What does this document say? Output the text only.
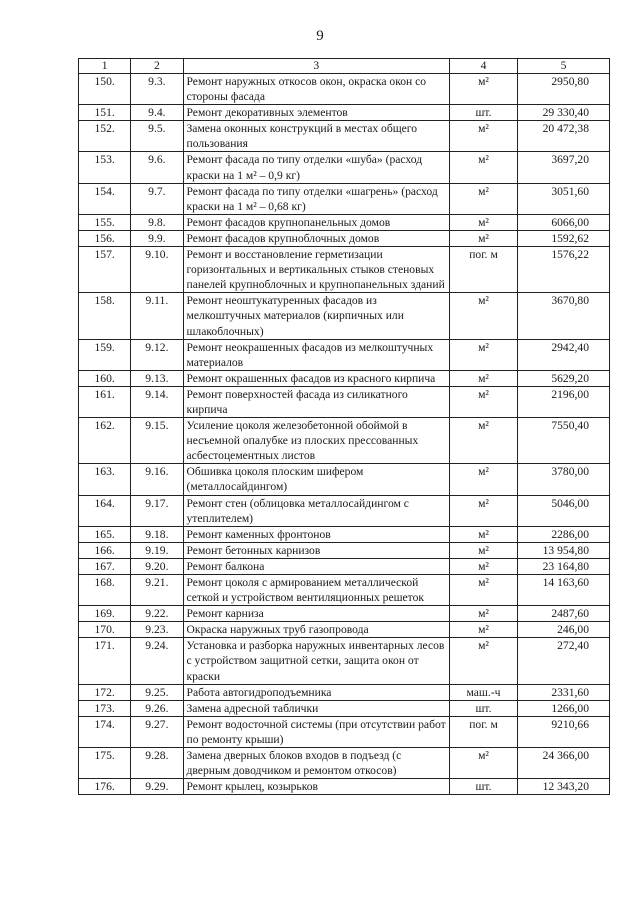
9
1	2	3	4	5
150.	9.3.	Ремонт наружных откосов окон, окраска окон со стороны фасада	м²	2950,80
151.	9.4.	Ремонт декоративных элементов	шт.	29 330,40
152.	9.5.	Замена оконных конструкций в местах общего пользования	м²	20 472,38
153.	9.6.	Ремонт фасада по типу отделки «шуба» (расход краски на 1 м² – 0,9 кг)	м²	3697,20
154.	9.7.	Ремонт фасада по типу отделки «шагрень» (расход краски на 1 м² – 0,68 кг)	м²	3051,60
155.	9.8.	Ремонт фасадов крупнопанельных домов	м²	6066,00
156.	9.9.	Ремонт фасадов крупноблочных домов	м²	1592,62
157.	9.10.	Ремонт и восстановление герметизации горизонтальных и вертикальных стыков стеновых панелей крупноблочных и крупнопанельных зданий	пог. м	1576,22
158.	9.11.	Ремонт неоштукатуренных фасадов из мелкоштучных материалов (кирпичных или шлакоблочных)	м²	3670,80
159.	9.12.	Ремонт неокрашенных фасадов из мелкоштучных материалов	м²	2942,40
160.	9.13.	Ремонт окрашенных фасадов из красного кирпича	м²	5629,20
161.	9.14.	Ремонт поверхностей фасада из силикатного кирпича	м²	2196,00
162.	9.15.	Усиление цоколя железобетонной обоймой в несъемной опалубке из плоских прессованных асбестоцементных листов	м²	7550,40
163.	9.16.	Обшивка цоколя плоским шифером (металлосайдингом)	м²	3780,00
164.	9.17.	Ремонт стен (облицовка металлосайдингом с утеплителем)	м²	5046,00
165.	9.18.	Ремонт каменных фронтонов	м²	2286,00
166.	9.19.	Ремонт бетонных карнизов	м²	13 954,80
167.	9.20.	Ремонт балкона	м²	23 164,80
168.	9.21.	Ремонт цоколя с армированием металлической сеткой и устройством вентиляционных решеток	м²	14 163,60
169.	9.22.	Ремонт карниза	м²	2487,60
170.	9.23.	Окраска наружных труб газопровода	м²	246,00
171.	9.24.	Установка и разборка наружных инвентарных лесов с устройством защитной сетки, защита окон от краски	м²	272,40
172.	9.25.	Работа автогидроподъемника	маш.-ч	2331,60
173.	9.26.	Замена адресной таблички	шт.	1266,00
174.	9.27.	Ремонт водосточной системы (при отсутствии работ по ремонту крыши)	пог. м	9210,66
175.	9.28.	Замена дверных блоков входов в подъезд (с дверным доводчиком и ремонтом откосов)	м²	24 366,00
176.	9.29.	Ремонт крылец, козырьков	шт.	12 343,20
